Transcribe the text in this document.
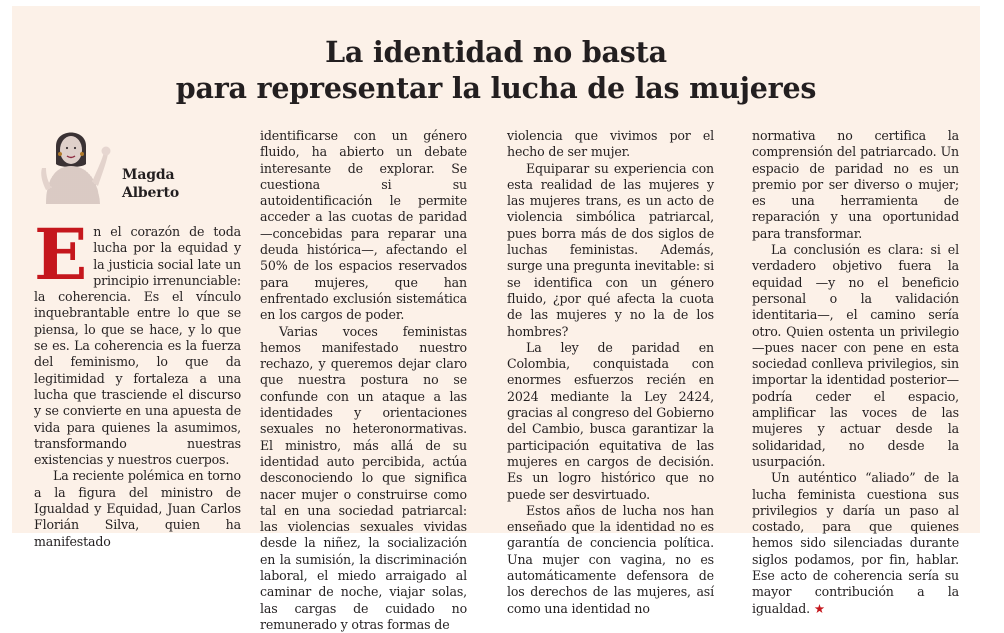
La identidad no basta
para representar la lucha de las mujeres
Magda
Alberto

En el corazón de toda lucha por la equidad y la justicia social late un principio irrenunciable: la coherencia. Es el vínculo inquebrantable entre lo que se piensa, lo que se hace, y lo que se es. La coherencia es la fuerza del feminismo, lo que da legitimidad y fortaleza a una lucha que trasciende el discurso y se convierte en una apuesta de vida para quienes la asumimos, transformando nuestras existencias y nuestros cuerpos.

La reciente polémica en torno a la figura del ministro de Igualdad y Equidad, Juan Carlos Florián Silva, quien ha manifestado

identificarse con un género fluido, ha abierto un debate interesante de explorar. Se cuestiona si su autoidentificación le permite acceder a las cuotas de paridad —concebidas para reparar una deuda histórica—, afectando el 50% de los espacios reservados para mujeres, que han enfrentado exclusión sistemática en los cargos de poder.

Varias voces feministas hemos manifestado nuestro rechazo, y queremos dejar claro que nuestra postura no se confunde con un ataque a las identidades y orientaciones sexuales no heteronormativas. El ministro, más allá de su identidad auto percibida, actúa desconociendo lo que significa nacer mujer o construirse como tal en una sociedad patriarcal: las violencias sexuales vividas desde la niñez, la socialización en la sumisión, la discriminación laboral, el miedo arraigado al caminar de noche, viajar solas, las cargas de cuidado no remunerado y otras formas de

violencia que vivimos por el hecho de ser mujer.

Equiparar su experiencia con esta realidad de las mujeres y las mujeres trans, es un acto de violencia simbólica patriarcal, pues borra más de dos siglos de luchas feministas. Además, surge una pregunta inevitable: si se identifica con un género fluido, ¿por qué afecta la cuota de las mujeres y no la de los hombres?

La ley de paridad en Colombia, conquistada con enormes esfuerzos recién en 2024 mediante la Ley 2424, gracias al congreso del Gobierno del Cambio, busca garantizar la participación equitativa de las mujeres en cargos de decisión. Es un logro histórico que no puede ser desvirtuado.

Estos años de lucha nos han enseñado que la identidad no es garantía de conciencia política. Una mujer con vagina, no es automáticamente defensora de los derechos de las mujeres, así como una identidad no

normativa no certifica la comprensión del patriarcado. Un espacio de paridad no es un premio por ser diverso o mujer; es una herramienta de reparación y una oportunidad para transformar.

La conclusión es clara: si el verdadero objetivo fuera la equidad —y no el beneficio personal o la validación identitaria—, el camino sería otro. Quien ostenta un privilegio —pues nacer con pene en esta sociedad conlleva privilegios, sin importar la identidad posterior— podría ceder el espacio, amplificar las voces de las mujeres y actuar desde la solidaridad, no desde la usurpación.

Un auténtico “aliado” de la lucha feminista cuestiona sus privilegios y daría un paso al costado, para que quienes hemos sido silenciadas durante siglos podamos, por fin, hablar. Ese acto de coherencia sería su mayor contribución a la igualdad. ★
